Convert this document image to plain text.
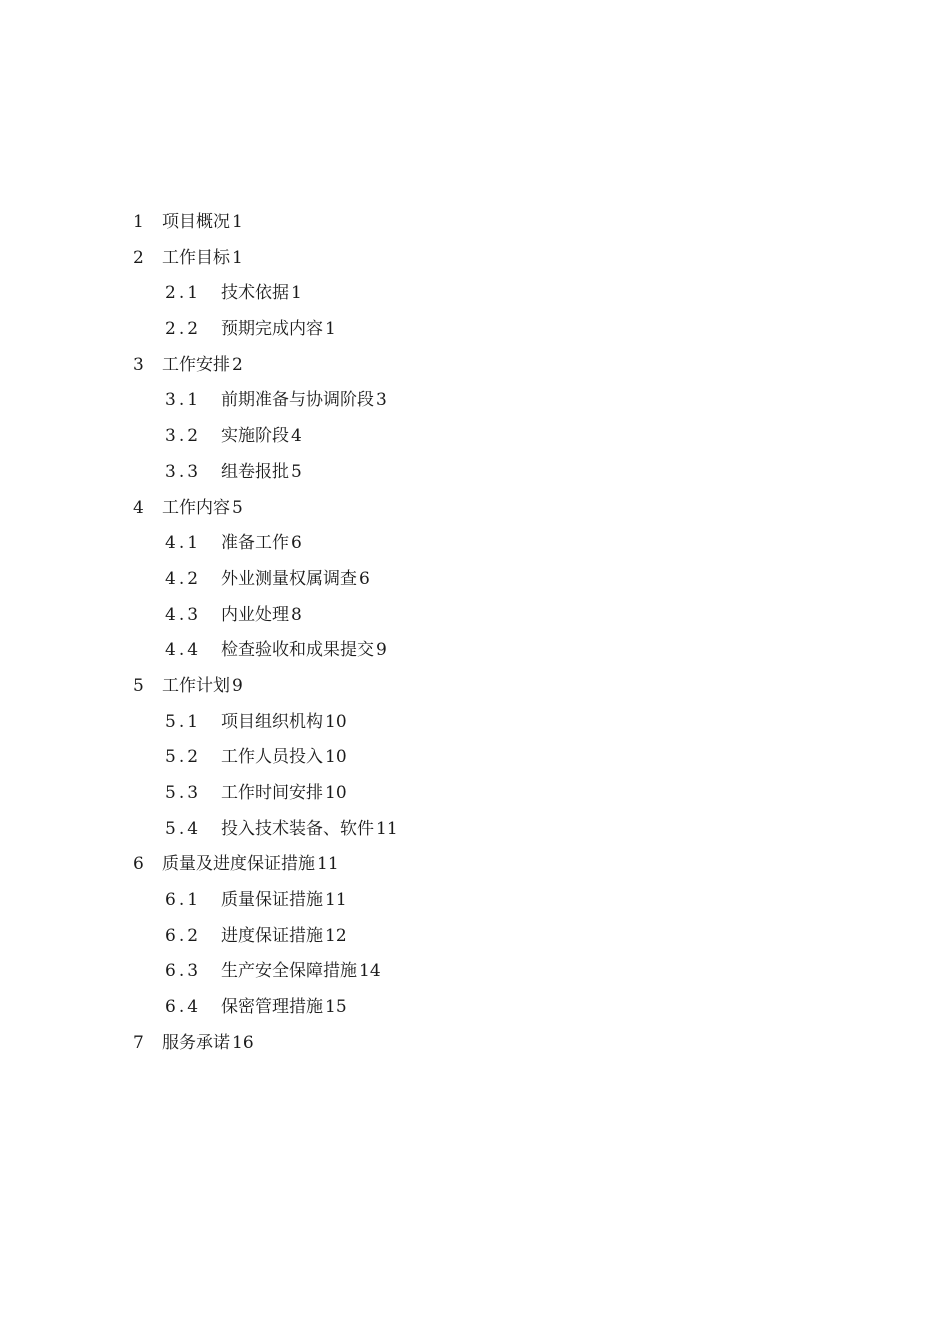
1 项目概况 1
2 工作目标 1
2.1	技术依据 1
2.2	预期完成内容 1
3 工作安排 2
3.1	前期准备与协调阶段 3
3.2	实施阶段 4
3.3	组卷报批 5
4 工作内容 5
4.1	准备工作 6
4.2	外业测量权属调查 6
4.3	内业处理 8
4.4	检查验收和成果提交 9
5 工作计划 9
5.1	项目组织机构 10
5.2	工作人员投入 10
5.3	工作时间安排 10
5.4	投入技术装备、软件 11
6 质量及进度保证措施 11
6.1	质量保证措施 11
6.2	进度保证措施 12
6.3	生产安全保障措施 14
6.4	保密管理措施 15
7 服务承诺 16
